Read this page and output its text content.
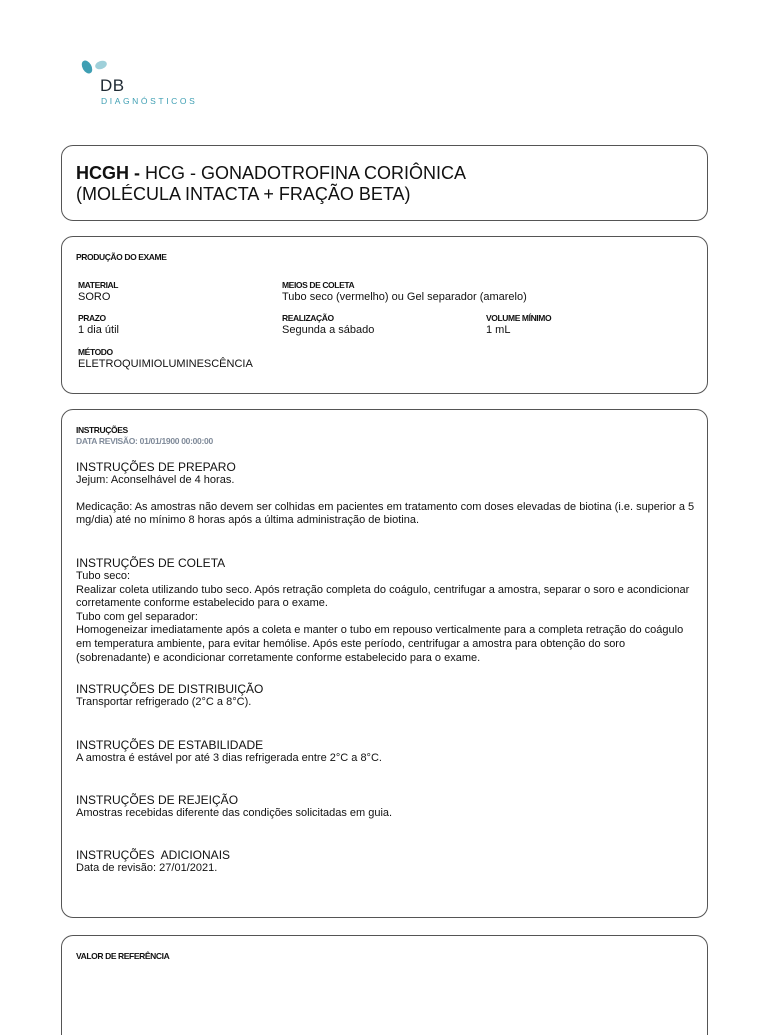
DB
DIAGNÓSTICOS
HCGH - HCG - GONADOTROFINA CORIÔNICA
(MOLÉCULA INTACTA + FRAÇÃO BETA)
PRODUÇÃO DO EXAME
MATERIAL
SORO
MEIOS DE COLETA
Tubo seco (vermelho) ou Gel separador (amarelo)
PRAZO
1 dia útil
REALIZAÇÃO
Segunda a sábado
VOLUME MÍNIMO
1 mL
MÉTODO
ELETROQUIMIOLUMINESCÊNCIA
INSTRUÇÕES
DATA REVISÃO: 01/01/1900 00:00:00
INSTRUÇÕES DE PREPARO
Jejum: Aconselhável de 4 horas.
Medicação: As amostras não devem ser colhidas em pacientes em tratamento com doses elevadas de biotina (i.e. superior a 5 mg/dia) até no mínimo 8 horas após a última administração de biotina.
INSTRUÇÕES DE COLETA
Tubo seco:
Realizar coleta utilizando tubo seco. Após retração completa do coágulo, centrifugar a amostra, separar o soro e acondicionar corretamente conforme estabelecido para o exame.
Tubo com gel separador:
Homogeneizar imediatamente após a coleta e manter o tubo em repouso verticalmente para a completa retração do coágulo em temperatura ambiente, para evitar hemólise. Após este período, centrifugar a amostra para obtenção do soro (sobrenadante) e acondicionar corretamente conforme estabelecido para o exame.
INSTRUÇÕES DE DISTRIBUIÇÃO
Transportar refrigerado (2°C a 8°C).
INSTRUÇÕES DE ESTABILIDADE
A amostra é estável por até 3 dias refrigerada entre 2°C a 8°C.
INSTRUÇÕES DE REJEIÇÃO
Amostras recebidas diferente das condições solicitadas em guia.
INSTRUÇÕES  ADICIONAIS
Data de revisão: 27/01/2021.
VALOR DE REFERÊNCIA
